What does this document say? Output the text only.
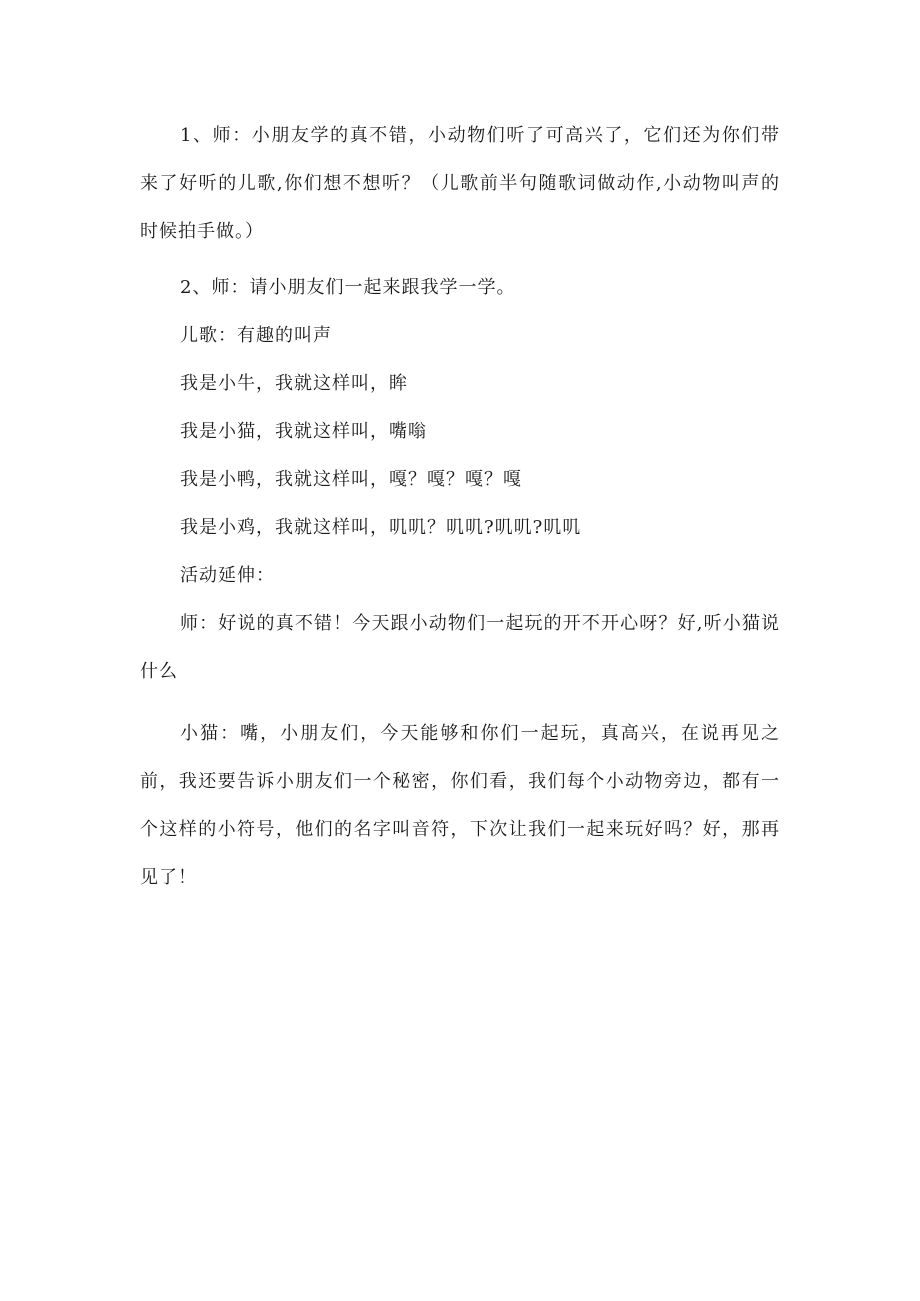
1、师：小朋友学的真不错，小动物们听了可高兴了，它们还为你们带来了好听的儿歌,你们想不想听？（儿歌前半句随歌词做动作,小动物叫声的时候拍手做。）

2、师：请小朋友们一起来跟我学一学。

儿歌：有趣的叫声

我是小牛，我就这样叫，眸

我是小猫，我就这样叫，嘴嗡

我是小鸭，我就这样叫，嘎？嘎？嘎？嘎

我是小鸡，我就这样叫，叽叽？叽叽?叽叽?叽叽

活动延伸：

师：好说的真不错！今天跟小动物们一起玩的开不开心呀？好,听小猫说什么

小猫：嘴，小朋友们，今天能够和你们一起玩，真高兴，在说再见之前，我还要告诉小朋友们一个秘密，你们看，我们每个小动物旁边，都有一个这样的小符号，他们的名字叫音符，下次让我们一起来玩好吗？好，那再见了！
